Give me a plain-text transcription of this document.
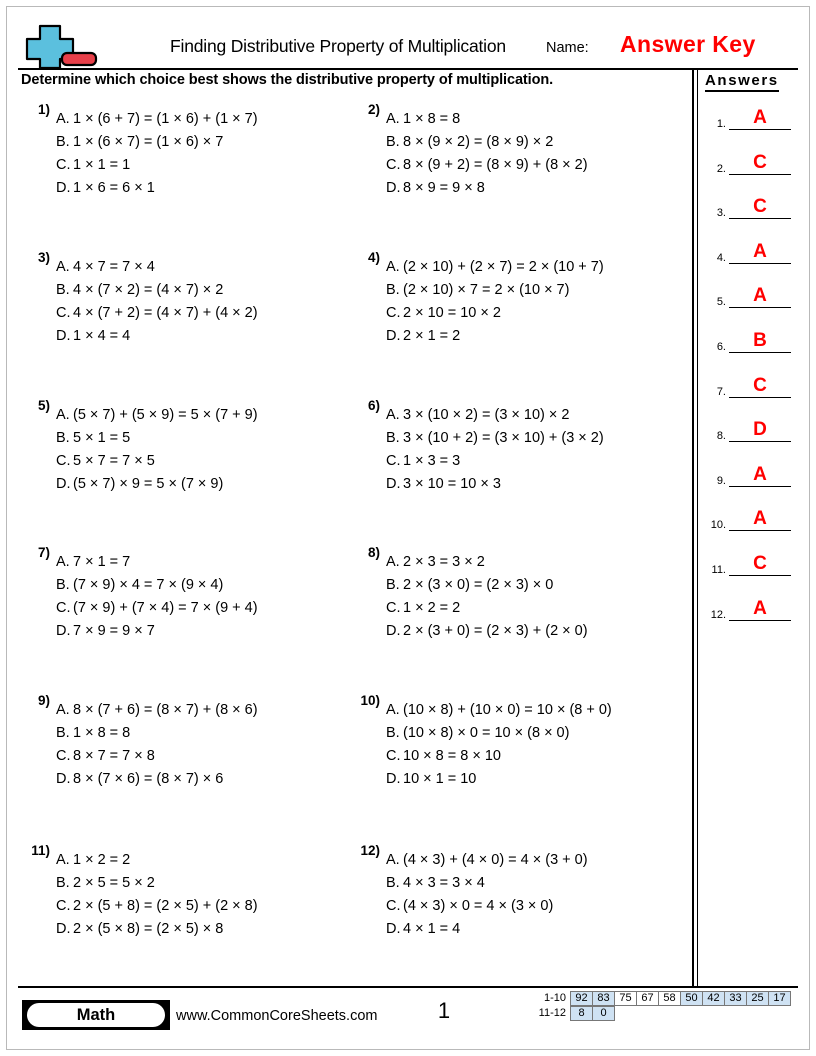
Finding Distributive Property of Multiplication	Name: Answer Key
Determine which choice best shows the distributive property of multiplication.	Answers
1.	A
2.	C
3.	C
4.	A
5.	A
6.	B
7.	C
8.	D
9.	A
10.	A
11.	C
12.	A
1)
A. 1 × (6 + 7) = (1 × 6) + (1 × 7)
B. 1 × (6 × 7) = (1 × 6) × 7
C. 1 × 1 = 1
D. 1 × 6 = 6 × 1
2)
A. 1 × 8 = 8
B. 8 × (9 × 2) = (8 × 9) × 2
C. 8 × (9 + 2) = (8 × 9) + (8 × 2)
D. 8 × 9 = 9 × 8
3)
A. 4 × 7 = 7 × 4
B. 4 × (7 × 2) = (4 × 7) × 2
C. 4 × (7 + 2) = (4 × 7) + (4 × 2)
D. 1 × 4 = 4
4)
A. (2 × 10) + (2 × 7) = 2 × (10 + 7)
B. (2 × 10) × 7 = 2 × (10 × 7)
C. 2 × 10 = 10 × 2
D. 2 × 1 = 2
5)
A. (5 × 7) + (5 × 9) = 5 × (7 + 9)
B. 5 × 1 = 5
C. 5 × 7 = 7 × 5
D. (5 × 7) × 9 = 5 × (7 × 9)
6)
A. 3 × (10 × 2) = (3 × 10) × 2
B. 3 × (10 + 2) = (3 × 10) + (3 × 2)
C. 1 × 3 = 3
D. 3 × 10 = 10 × 3
7)
A. 7 × 1 = 7
B. (7 × 9) × 4 = 7 × (9 × 4)
C. (7 × 9) + (7 × 4) = 7 × (9 + 4)
D. 7 × 9 = 9 × 7
8)
A. 2 × 3 = 3 × 2
B. 2 × (3 × 0) = (2 × 3) × 0
C. 1 × 2 = 2
D. 2 × (3 + 0) = (2 × 3) + (2 × 0)
9)
A. 8 × (7 + 6) = (8 × 7) + (8 × 6)
B. 1 × 8 = 8
C. 8 × 7 = 7 × 8
D. 8 × (7 × 6) = (8 × 7) × 6
10)
A. (10 × 8) + (10 × 0) = 10 × (8 + 0)
B. (10 × 8) × 0 = 10 × (8 × 0)
C. 10 × 8 = 8 × 10
D. 10 × 1 = 10
11)
A. 1 × 2 = 2
B. 2 × 5 = 5 × 2
C. 2 × (5 + 8) = (2 × 5) + (2 × 8)
D. 2 × (5 × 8) = (2 × 5) × 8
12)
A. (4 × 3) + (4 × 0) = 4 × (3 + 0)
B. 4 × 3 = 3 × 4
C. (4 × 3) × 0 = 4 × (3 × 0)
D. 4 × 1 = 4
Math	www.CommonCoreSheets.com	1	1-10 92 83 75 67 58 50 42 33 25 17
11-12	8	0
